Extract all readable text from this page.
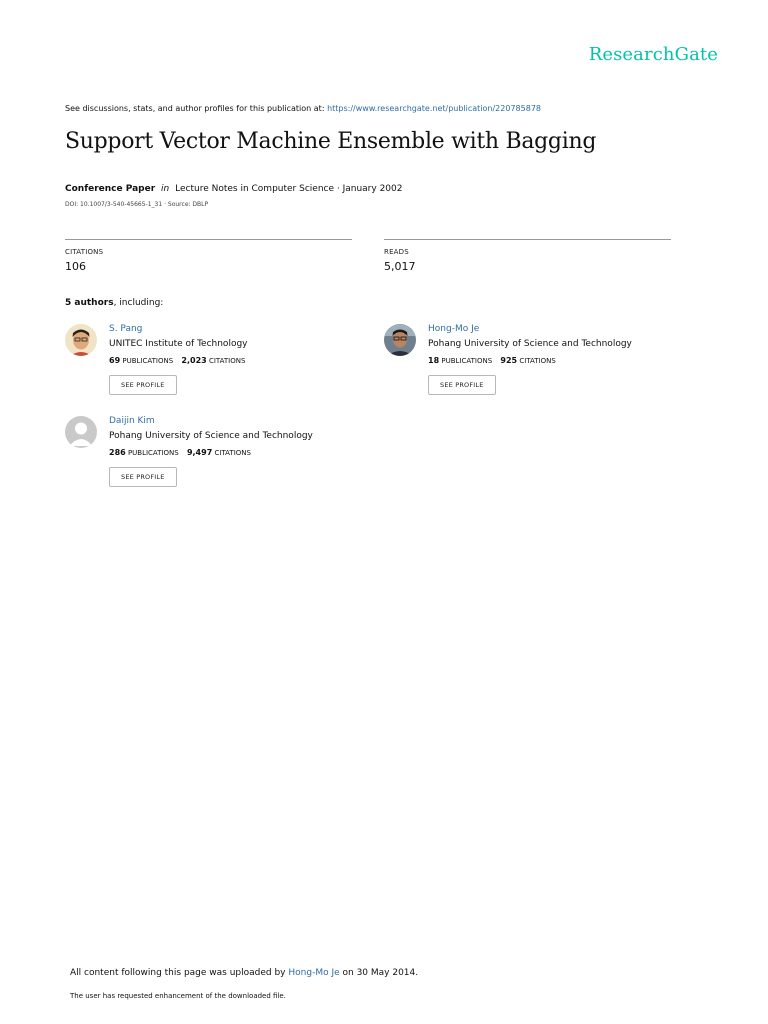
ResearchGate
See discussions, stats, and author profiles for this publication at: https://www.researchgate.net/publication/220785878
Support Vector Machine Ensemble with Bagging
Conference Paper in Lecture Notes in Computer Science · January 2002
DOI: 10.1007/3-540-45665-1_31 · Source: DBLP
CITATIONS
106
READS
5,017
5 authors, including:
S. Pang
UNITEC Institute of Technology
69 PUBLICATIONS 2,023 CITATIONS
SEE PROFILE
Hong-Mo Je
Pohang University of Science and Technology
18 PUBLICATIONS 925 CITATIONS
SEE PROFILE
Daijin Kim
Pohang University of Science and Technology
286 PUBLICATIONS 9,497 CITATIONS
SEE PROFILE
All content following this page was uploaded by Hong-Mo Je on 30 May 2014.
The user has requested enhancement of the downloaded file.
